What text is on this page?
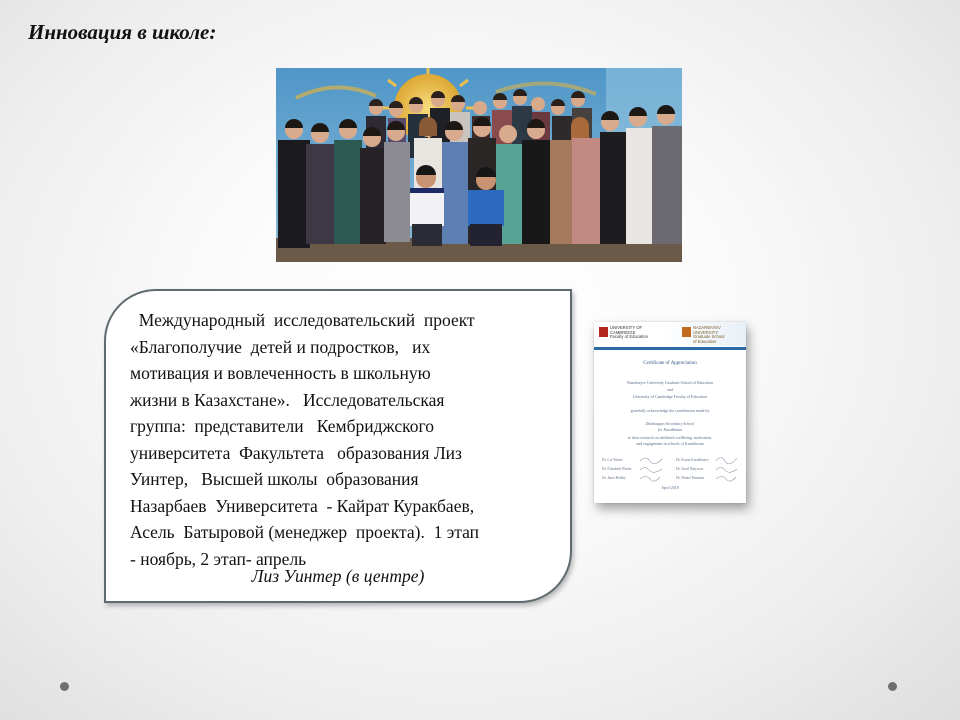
Инновация в школе:

Международный  исследовательский  проект
«Благополучие  детей и подростков,   их
мотивация и вовлеченность в школьную
жизни в Казахстане».   Исследовательская
группа:  представители   Кембриджского
университета  Факультета   образования Лиз
Уинтер,   Высшей школы  образования
Назарбаев  Университета  - Кайрат Куракбаев,
Асель  Батыровой (менеджер  проекта).  1 этап
- ноябрь, 2 этап- апрель

Лиз Уинтер (в центре)

UNIVERSITY OF
CAMBRIDGE
Faculty of Education
NAZARBAYEV
UNIVERSITY
Graduate School
of Education
Certificate of Appreciation
Nazarbayev University Graduate School of Education
and
University of Cambridge Faculty of Education
gratefully acknowledge the contribution made by
Zhezkazgan Secondary School
for Kazakhstan
to their research on children's wellbeing, motivation,
and engagement in schools of Kazakhstan
Dr. Liz Winter	Dr. Kairat Kurakbayev
Dr. Elizabeth Winter	Dr. Assel Batyrova
Dr. Janet Helsby	Dr. Daniel Hammer
April 2018
